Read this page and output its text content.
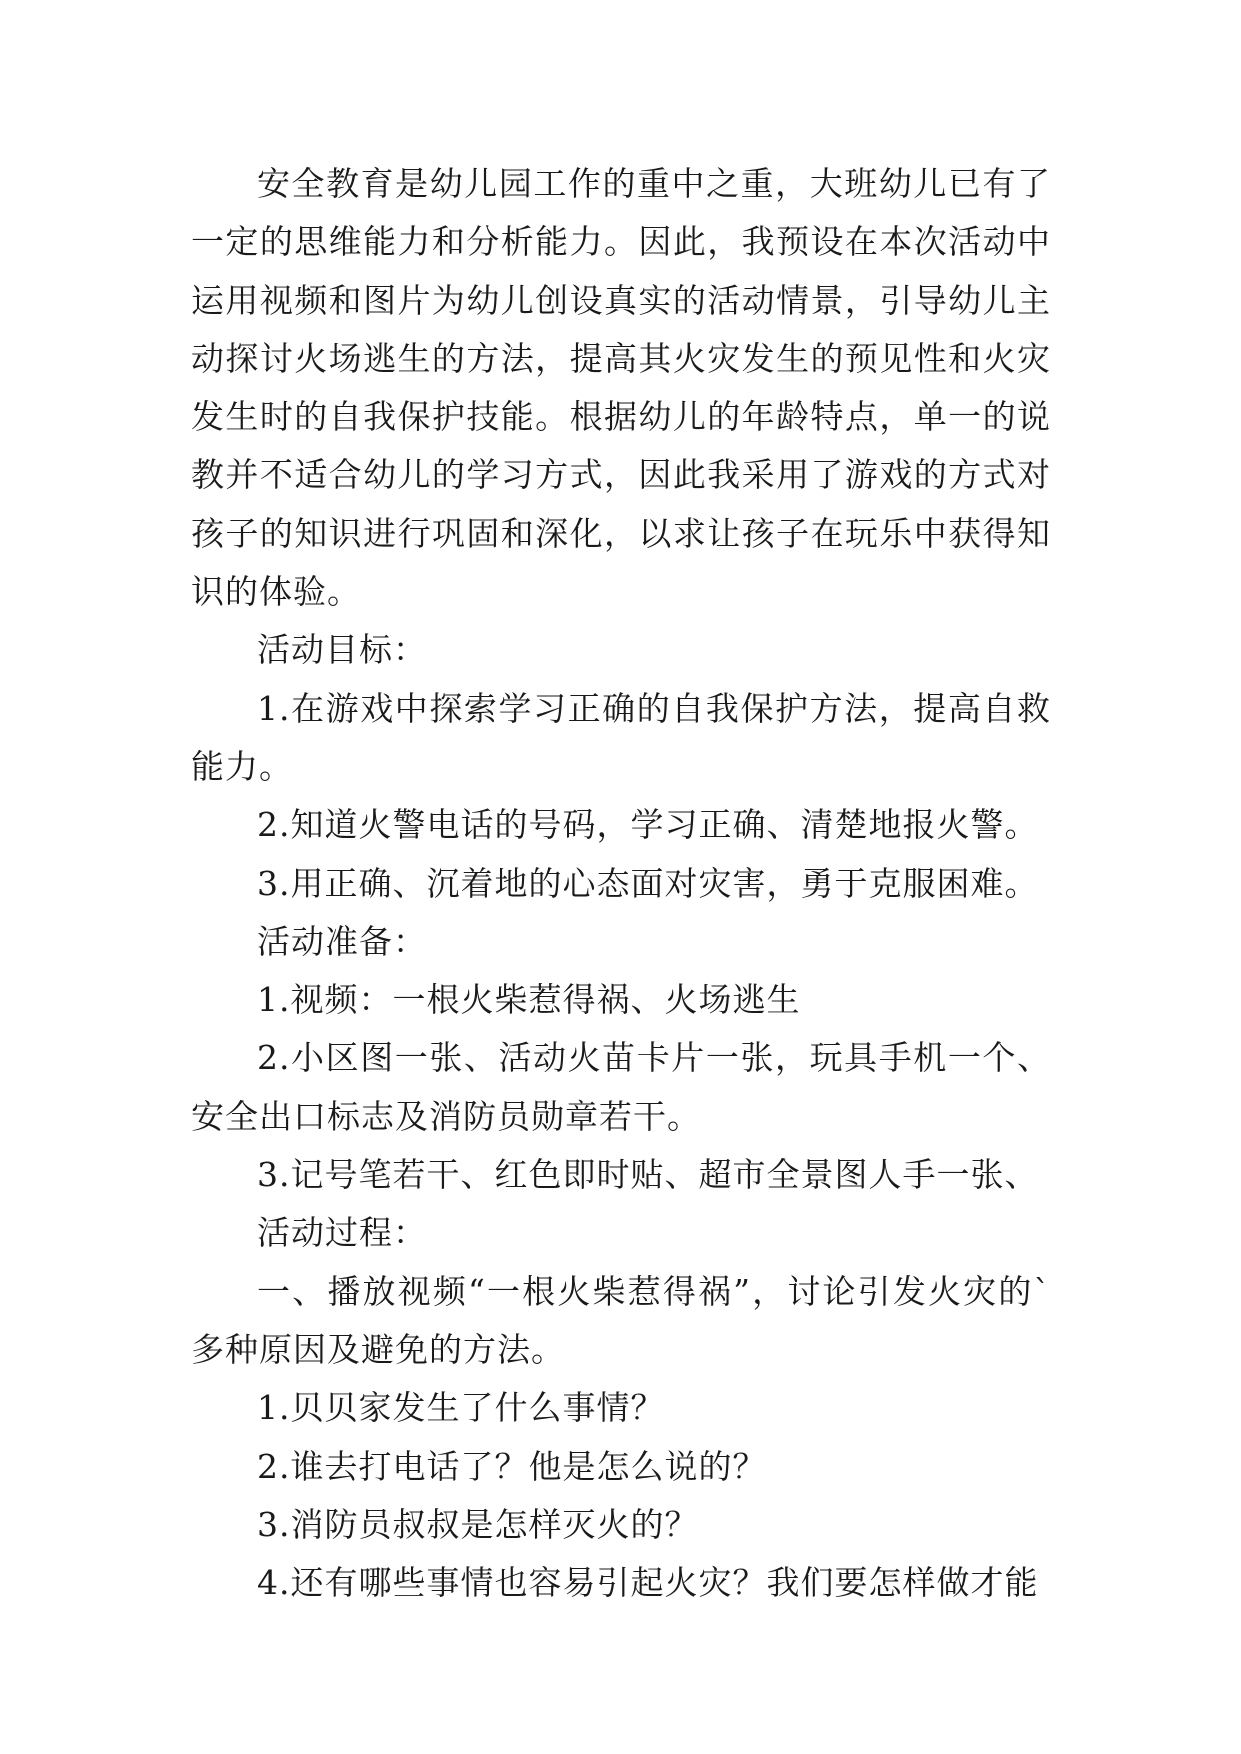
安全教育是幼儿园工作的重中之重，大班幼儿已有了一定的思维能力和分析能力。因此，我预设在本次活动中运用视频和图片为幼儿创设真实的活动情景，引导幼儿主动探讨火场逃生的方法，提高其火灾发生的预见性和火灾发生时的自我保护技能。根据幼儿的年龄特点，单一的说教并不适合幼儿的学习方式，因此我采用了游戏的方式对孩子的知识进行巩固和深化，以求让孩子在玩乐中获得知识的体验。

活动目标：

1.在游戏中探索学习正确的自我保护方法，提高自救能力。

2.知道火警电话的号码，学习正确、清楚地报火警。

3.用正确、沉着地的心态面对灾害，勇于克服困难。

活动准备：

1.视频：一根火柴惹得祸、火场逃生

2.小区图一张、活动火苗卡片一张，玩具手机一个、安全出口标志及消防员勋章若干。

3.记号笔若干、红色即时贴、超市全景图人手一张、

活动过程：

一、播放视频“一根火柴惹得祸”，讨论引发火灾的`多种原因及避免的方法。

1.贝贝家发生了什么事情？

2.谁去打电话了？他是怎么说的？

3.消防员叔叔是怎样灭火的？

4.还有哪些事情也容易引起火灾？我们要怎样做才能
